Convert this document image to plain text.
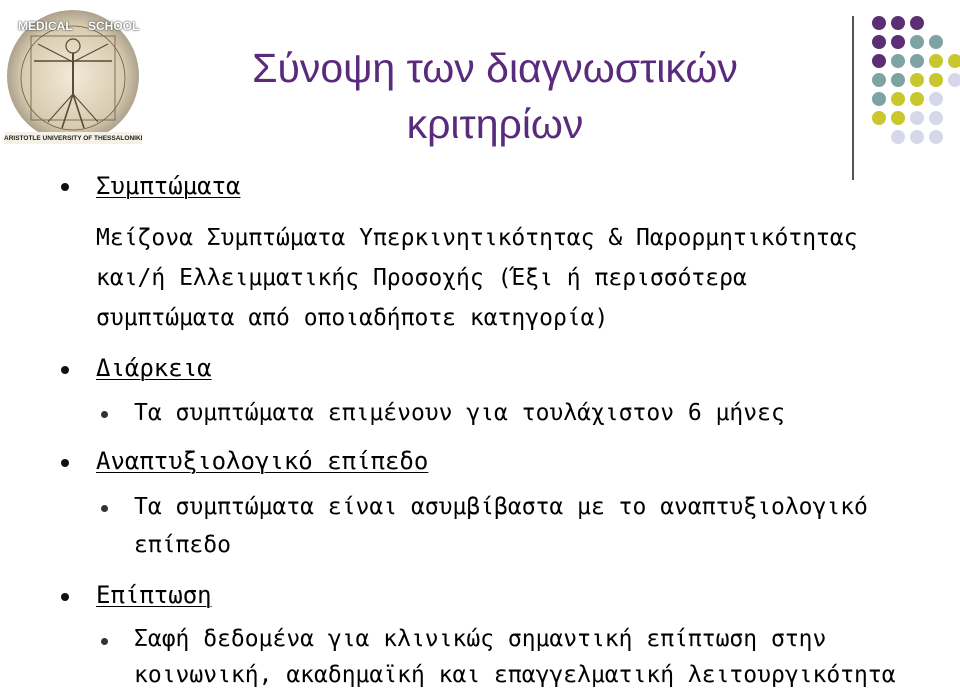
MEDICAL SCHOOL
ARISTOTLE UNIVERSITY OF THESSALONIKI
Σύνοψη των διαγνωστικών
κριτηρίων
Συμπτώματα
Μείζονα Συμπτώματα Υπερκινητικότητας & Παρορμητικότητας
και/ή Ελλειμματικής Προσοχής (Έξι ή περισσότερα
συμπτώματα από οποιαδήποτε κατηγορία)
Διάρκεια
Τα συμπτώματα επιμένουν για τουλάχιστον 6 μήνες
Αναπτυξιολογικό επίπεδο
Τα συμπτώματα είναι ασυμβίβαστα με το αναπτυξιολογικό
επίπεδο
Επίπτωση
Σαφή δεδομένα για κλινικώς σημαντική επίπτωση στην
κοινωνική, ακαδημαϊκή και επαγγελματική λειτουργικότητα
